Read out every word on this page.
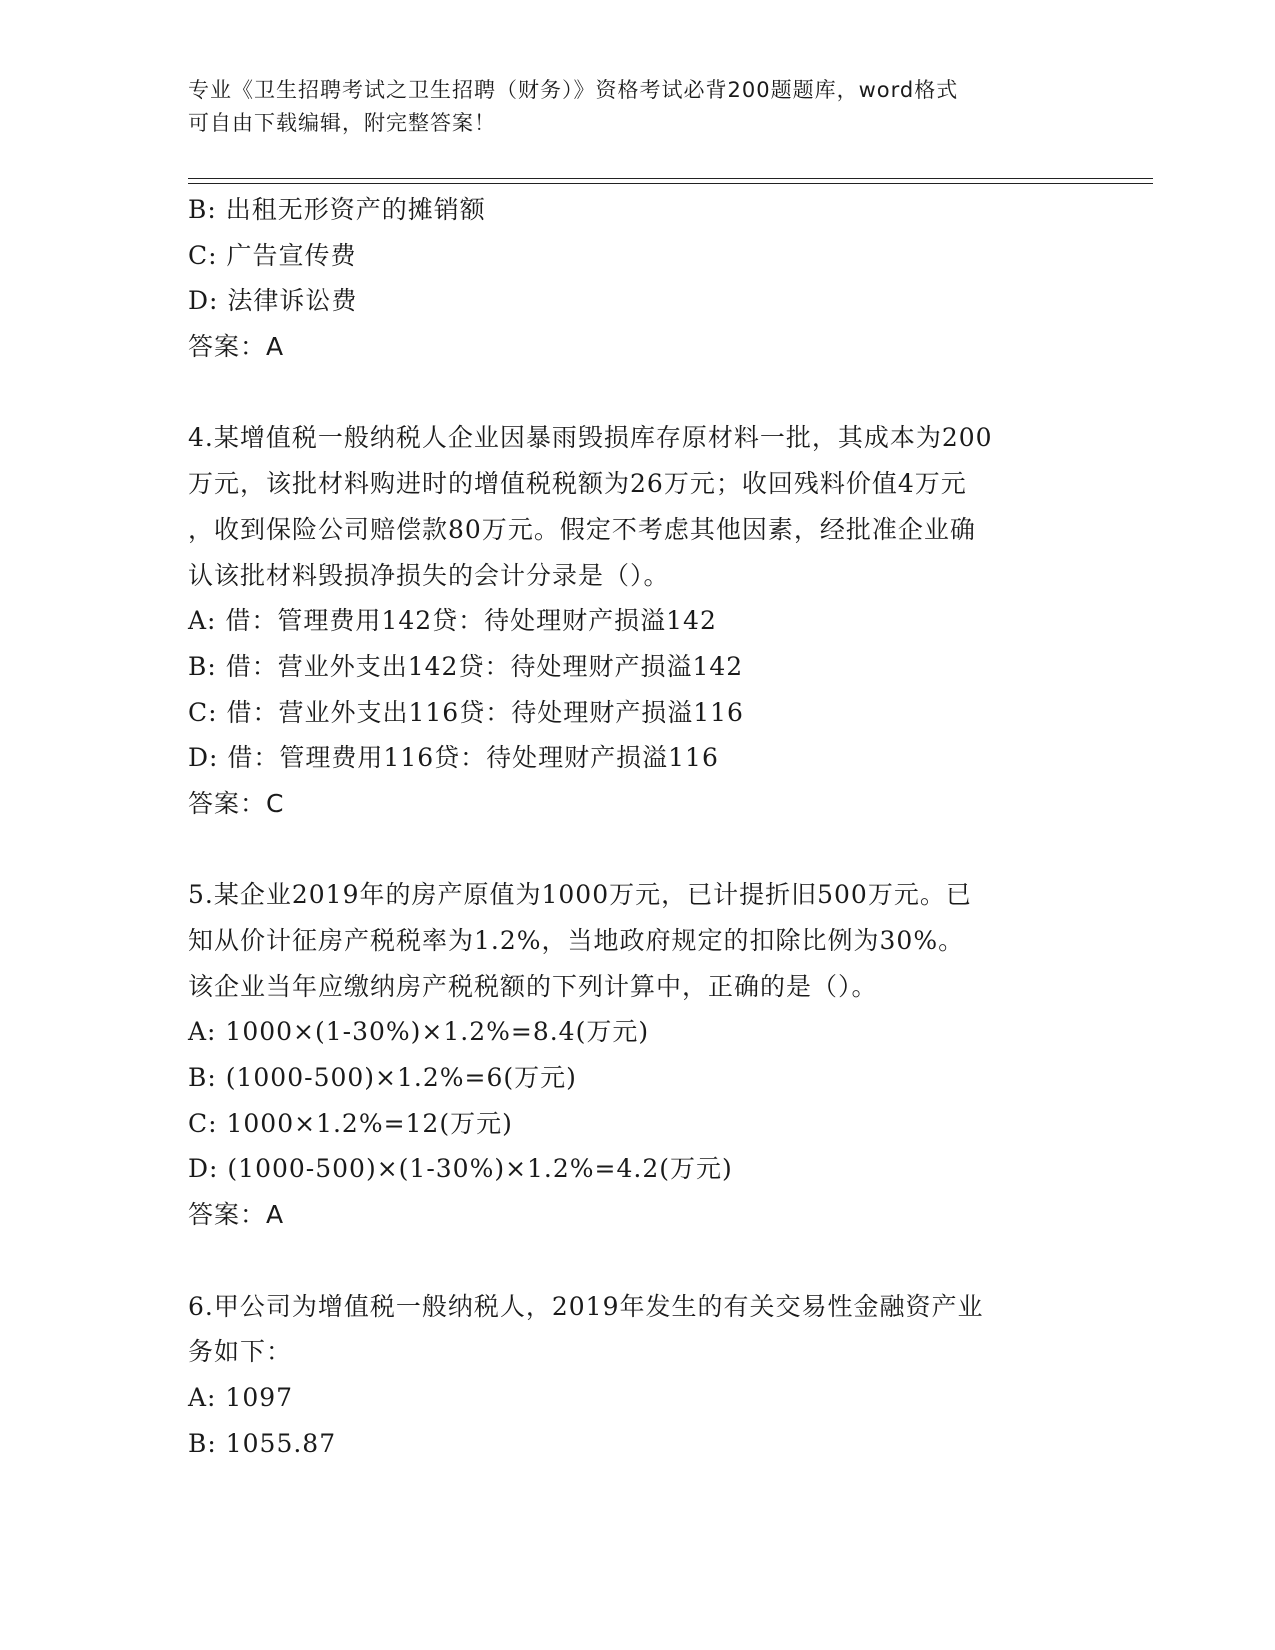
专业《卫生招聘考试之卫生招聘（财务）》资格考试必背200题题库，word格式
可自由下载编辑，附完整答案！
B: 出租无形资产的摊销额
C: 广告宣传费
D: 法律诉讼费
答案：A
4.某增值税一般纳税人企业因暴雨毁损库存原材料一批，其成本为200
万元，该批材料购进时的增值税税额为26万元；收回残料价值4万元
，收到保险公司赔偿款80万元。假定不考虑其他因素，经批准企业确
认该批材料毁损净损失的会计分录是（）。
A: 借：管理费用142贷：待处理财产损溢142
B: 借：营业外支出142贷：待处理财产损溢142
C: 借：营业外支出116贷：待处理财产损溢116
D: 借：管理费用116贷：待处理财产损溢116
答案：C
5.某企业2019年的房产原值为1000万元，已计提折旧500万元。已
知从价计征房产税税率为1.2%，当地政府规定的扣除比例为30%。
该企业当年应缴纳房产税税额的下列计算中，正确的是（）。
A: 1000×(1-30%)×1.2%=8.4(万元)
B: (1000-500)×1.2%=6(万元)
C: 1000×1.2%=12(万元)
D: (1000-500)×(1-30%)×1.2%=4.2(万元)
答案：A
6.甲公司为增值税一般纳税人，2019年发生的有关交易性金融资产业
务如下：
A: 1097
B: 1055.87
